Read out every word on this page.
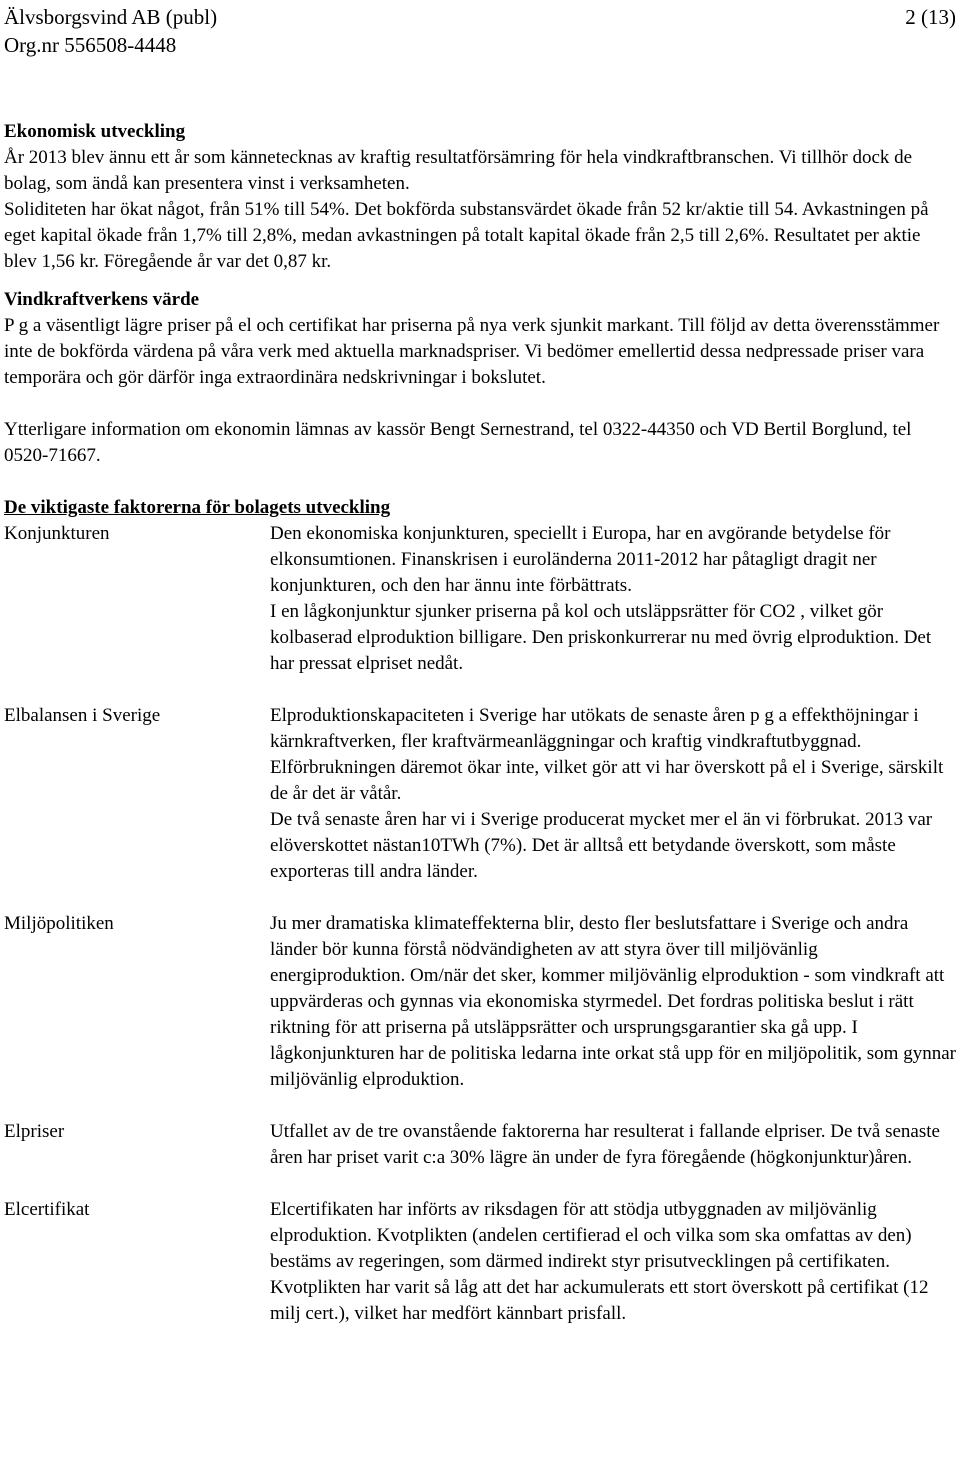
Älvsborgsvind AB (publ)
Org.nr 556508-4448
2 (13)
Ekonomisk utveckling
År 2013 blev ännu ett år som kännetecknas av kraftig resultatförsämring för hela vindkraftbranschen. Vi tillhör dock de bolag, som ändå kan presentera vinst i verksamheten.
Soliditeten har ökat något, från 51% till 54%. Det bokförda substansvärdet ökade från 52 kr/aktie till 54. Avkastningen på eget kapital ökade från 1,7% till 2,8%, medan avkastningen på totalt kapital ökade från 2,5 till 2,6%. Resultatet per aktie blev 1,56 kr. Föregående år var det 0,87 kr.
Vindkraftverkens värde
P g a väsentligt lägre priser på el och certifikat har priserna på nya verk sjunkit markant. Till följd av detta överensstämmer inte de bokförda värdena på våra verk med aktuella marknadspriser. Vi bedömer emellertid dessa nedpressade priser vara temporära och gör därför inga extraordinära nedskrivningar i bokslutet.
Ytterligare information om ekonomin lämnas av kassör Bengt Sernestrand, tel 0322-44350 och VD Bertil Borglund, tel 0520-71667.
De viktigaste faktorerna för bolagets utveckling
Konjunkturen	Den ekonomiska konjunkturen, speciellt i Europa, har en avgörande betydelse för elkonsumtionen. Finanskrisen i euroländerna 2011-2012 har påtagligt dragit ner konjunkturen, och den har ännu inte förbättrats.
I en lågkonjunktur sjunker priserna på kol och utsläppsrätter för CO2 , vilket gör kolbaserad elproduktion billigare. Den priskonkurrerar nu med övrig elproduktion. Det har pressat elpriset nedåt.
Elbalansen i Sverige	Elproduktionskapaciteten i Sverige har utökats de senaste åren p g a effekthöjningar i kärnkraftverken, fler kraftvärmeanläggningar och kraftig vindkraftutbyggnad.
Elförbrukningen däremot ökar inte, vilket gör att vi har överskott på el i Sverige, särskilt de år det är våtår.
De två senaste åren har vi i Sverige producerat mycket mer el än vi förbrukat. 2013 var elöverskottet nästan10TWh (7%). Det är alltså ett betydande överskott, som måste exporteras till andra länder.
Miljöpolitiken	Ju mer dramatiska klimateffekterna blir, desto fler beslutsfattare i Sverige och andra länder bör kunna förstå nödvändigheten av att styra över till miljövänlig energiproduktion. Om/när det sker, kommer miljövänlig elproduktion - som vindkraft att uppvärderas och gynnas via ekonomiska styrmedel. Det fordras politiska beslut i rätt riktning för att priserna på utsläppsrätter och ursprungsgarantier ska gå upp. I lågkonjunkturen har de politiska ledarna inte orkat stå upp för en miljöpolitik, som gynnar miljövänlig elproduktion.
Elpriser	Utfallet av de tre ovanstående faktorerna har resulterat i fallande elpriser. De två senaste åren har priset varit c:a 30% lägre än under de fyra föregående (högkonjunktur)åren.
Elcertifikat	Elcertifikaten har införts av riksdagen för att stödja utbyggnaden av miljövänlig elproduktion. Kvotplikten (andelen certifierad el och vilka som ska omfattas av den) bestäms av regeringen, som därmed indirekt styr prisutvecklingen på certifikaten. Kvotplikten har varit så låg att det har ackumulerats ett stort överskott på certifikat (12 milj cert.), vilket har medfört kännbart prisfall.
